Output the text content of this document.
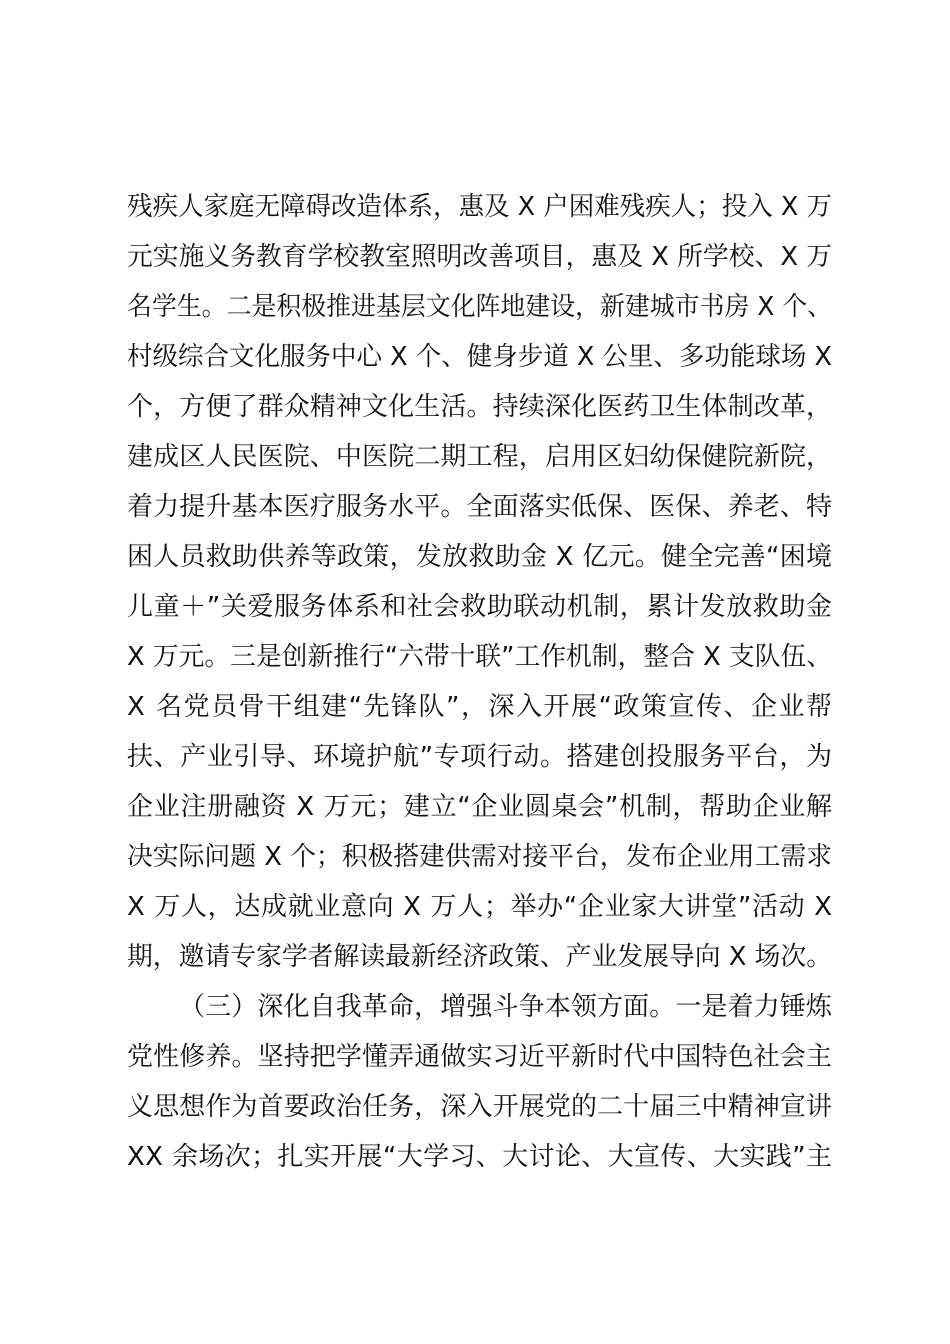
残疾人家庭无障碍改造体系，惠及 X 户困难残疾人；投入 X 万
元实施义务教育学校教室照明改善项目，惠及 X 所学校、X 万
名学生。二是积极推进基层文化阵地建设，新建城市书房 X 个、
村级综合文化服务中心 X 个、健身步道 X 公里、多功能球场 X
个，方便了群众精神文化生活。持续深化医药卫生体制改革，
建成区人民医院、中医院二期工程，启用区妇幼保健院新院，
着力提升基本医疗服务水平。全面落实低保、医保、养老、特
困人员救助供养等政策，发放救助金 X 亿元。健全完善“困境
儿童＋”关爱服务体系和社会救助联动机制，累计发放救助金
X 万元。三是创新推行“六带十联”工作机制，整合 X 支队伍、
X 名党员骨干组建“先锋队”，深入开展“政策宣传、企业帮
扶、产业引导、环境护航”专项行动。搭建创投服务平台，为
企业注册融资 X 万元；建立“企业圆桌会”机制，帮助企业解
决实际问题 X 个；积极搭建供需对接平台，发布企业用工需求
X 万人，达成就业意向 X 万人；举办“企业家大讲堂”活动 X
期，邀请专家学者解读最新经济政策、产业发展导向 X 场次。
（三）深化自我革命，增强斗争本领方面。一是着力锤炼
党性修养。坚持把学懂弄通做实习近平新时代中国特色社会主
义思想作为首要政治任务，深入开展党的二十届三中精神宣讲
XX 余场次；扎实开展“大学习、大讨论、大宣传、大实践”主
